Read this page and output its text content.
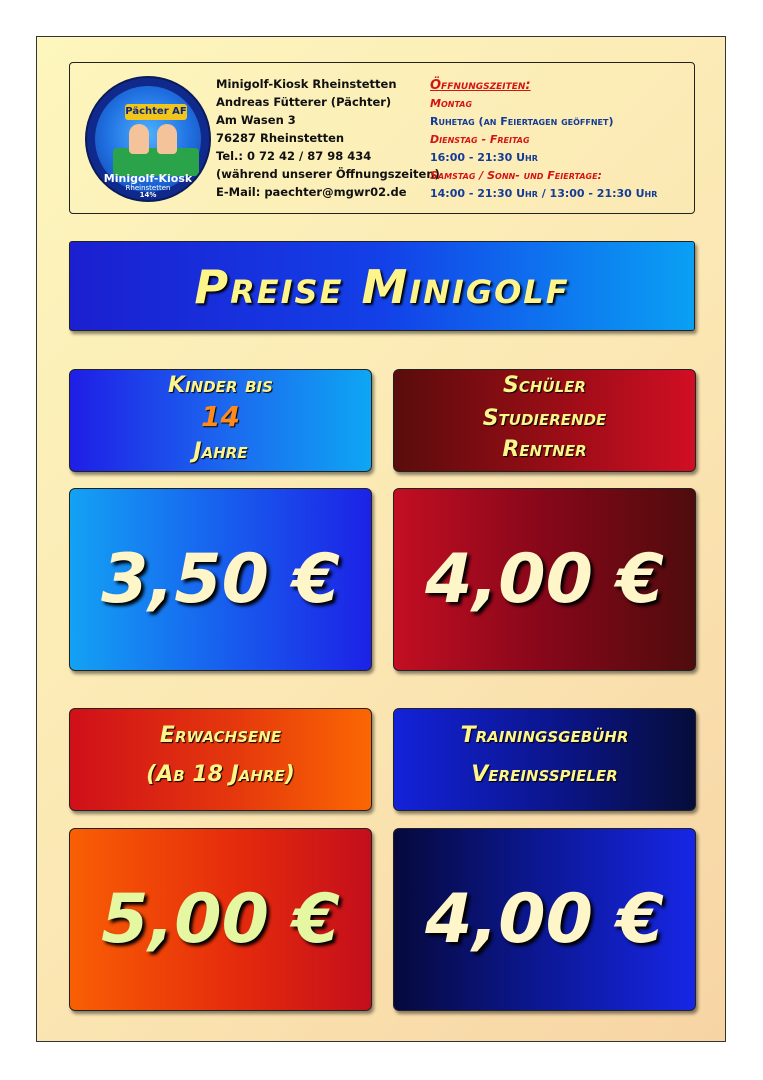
Pächter AF
Minigolf-Kiosk
Rheinstetten
14%
Minigolf-Kiosk Rheinstetten
Andreas Fütterer (Pächter)
Am Wasen 3
76287 Rheinstetten
Tel.: 0 72 42 / 87 98 434
(während unserer Öffnungszeiten)
E-Mail: paechter@mgwr02.de
Öffnungszeiten:
Montag
Ruhetag (an Feiertagen geöffnet)
Dienstag - Freitag
16:00 - 21:30 Uhr
Samstag / Sonn- und Feiertage:
14:00 - 21:30 Uhr / 13:00 - 21:30 Uhr
Preise Minigolf
Kinder bis
14
Jahre
Schüler
Studierende
Rentner
3,50 €	4,00 €
Erwachsene
(Ab 18 Jahre)
Trainingsgebühr
Vereinsspieler
5,00 €	4,00 €
